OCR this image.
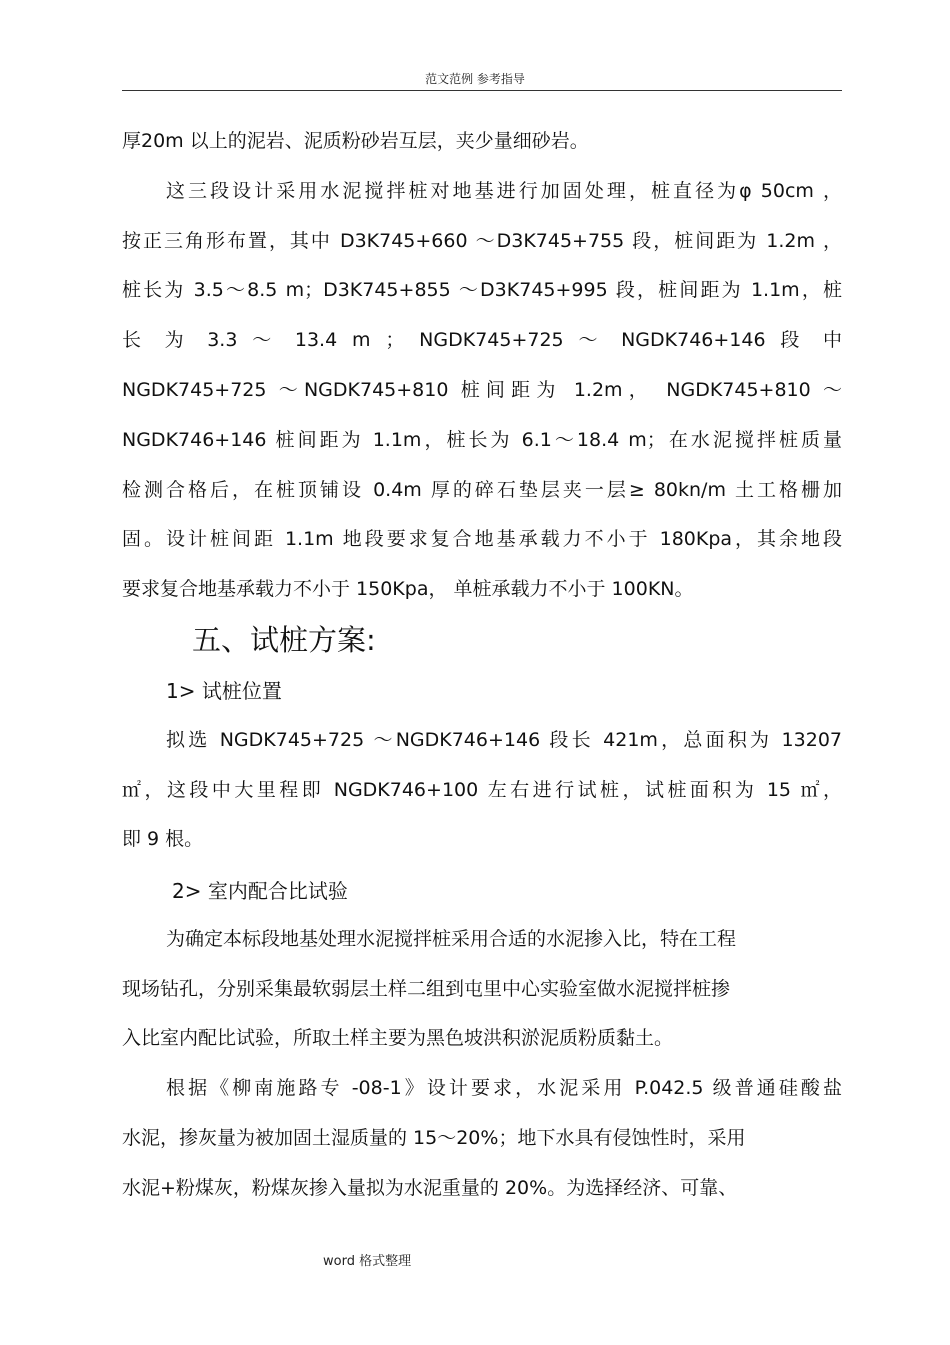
范文范例 参考指导
厚20m 以上的泥岩、泥质粉砂岩互层，夹少量细砂岩。
这三段设计采用水泥搅拌桩对地基进行加固处理，桩直径为φ 50cm ，
按正三角形布置，其中 D3K745+660 ～D3K745+755 段，桩间距为 1.2m ，
桩长为 3.5～8.5 m；D3K745+855 ～D3K745+995 段，桩间距为 1.1m，桩
长 为 3.3 ～ 13.4 m ； NGDK745+725 ～ NGDK746+146 段 中
NGDK745+725 ～NGDK745+810 桩间距为 1.2m， NGDK745+810 ～
NGDK746+146 桩间距为 1.1m，桩长为 6.1～18.4 m；在水泥搅拌桩质量
检测合格后，在桩顶铺设 0.4m 厚的碎石垫层夹一层≥ 80kn/m 土工格栅加
固。设计桩间距 1.1m 地段要求复合地基承载力不小于 180Kpa，其余地段
要求复合地基承载力不小于 150Kpa， 单桩承载力不小于 100KN。
五、试桩方案:
1> 试桩位置
拟选 NGDK745+725 ～NGDK746+146 段长 421m，总面积为 13207
㎡，这段中大里程即 NGDK746+100 左右进行试桩，试桩面积为 15 ㎡，
即 9 根。
2> 室内配合比试验
为确定本标段地基处理水泥搅拌桩采用合适的水泥掺入比，特在工程
现场钻孔，分别采集最软弱层土样二组到屯里中心实验室做水泥搅拌桩掺
入比室内配比试验，所取土样主要为黑色坡洪积淤泥质粉质黏土。
根据《柳南施路专 -08-1》设计要求，水泥采用 P.042.5 级普通硅酸盐
水泥，掺灰量为被加固土湿质量的 15～20%；地下水具有侵蚀性时，采用
水泥+粉煤灰，粉煤灰掺入量拟为水泥重量的 20%。为选择经济、可靠、
word 格式整理
